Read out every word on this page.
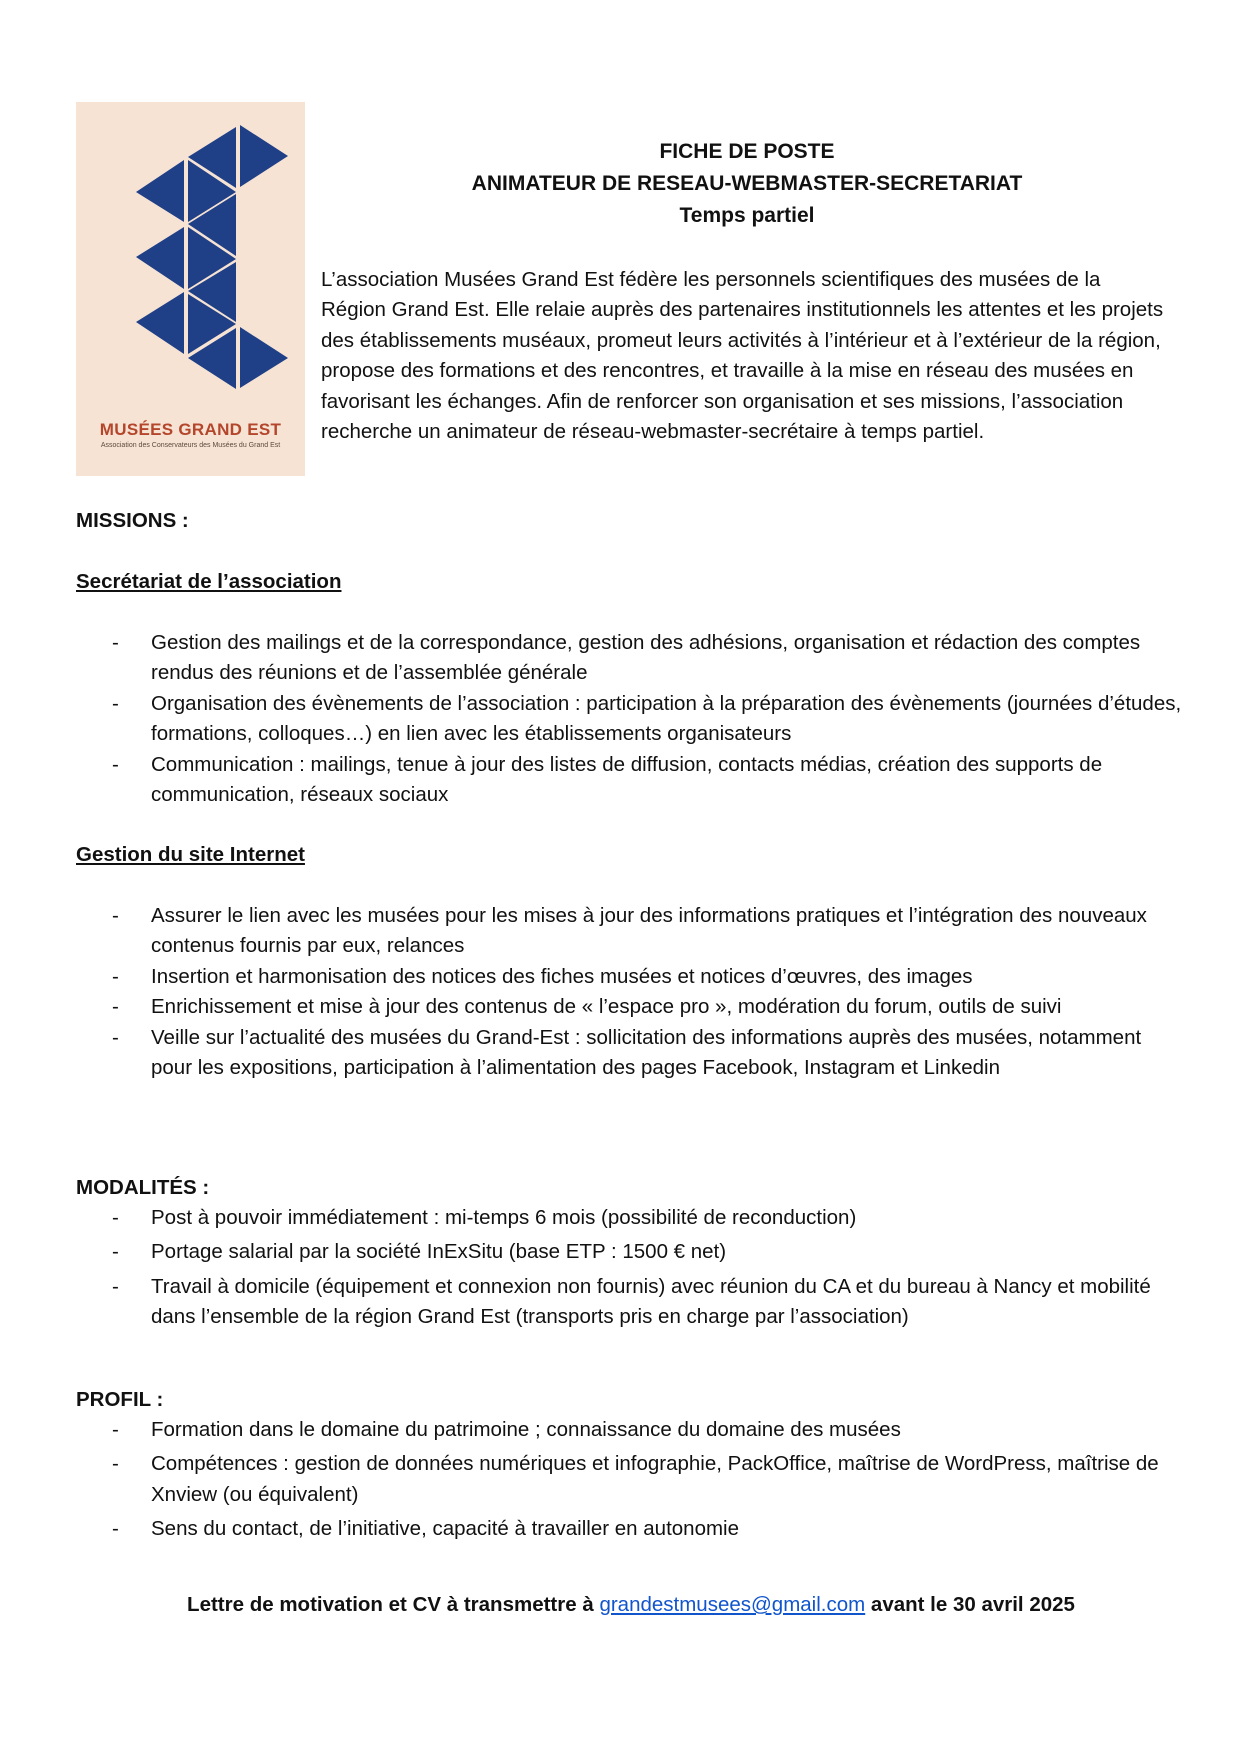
MUSÉES GRAND EST
Association des Conservateurs des Musées du Grand Est
FICHE DE POSTE
ANIMATEUR DE RESEAU-WEBMASTER-SECRETARIAT
Temps partiel
L’association Musées Grand Est fédère les personnels scientifiques des musées de la Région Grand Est. Elle relaie auprès des partenaires institutionnels les attentes et les projets des établissements muséaux, promeut leurs activités à l’intérieur et à l’extérieur de la région, propose des formations et des rencontres, et travaille à la mise en réseau des musées en favorisant les échanges. Afin de renforcer son organisation et ses missions, l’association recherche un animateur de réseau-webmaster-secrétaire à temps partiel.
MISSIONS :
Secrétariat de l’association
- Gestion des mailings et de la correspondance, gestion des adhésions, organisation et rédaction des comptes rendus des réunions et de l’assemblée générale
- Organisation des évènements de l’association : participation à la préparation des évènements (journées d’études, formations, colloques…) en lien avec les établissements organisateurs
- Communication : mailings, tenue à jour des listes de diffusion, contacts médias, création des supports de communication, réseaux sociaux
Gestion du site Internet
- Assurer le lien avec les musées pour les mises à jour des informations pratiques et l’intégration des nouveaux contenus fournis par eux, relances
- Insertion et harmonisation des notices des fiches musées et notices d’œuvres, des images
- Enrichissement et mise à jour des contenus de « l’espace pro », modération du forum, outils de suivi
- Veille sur l’actualité des musées du Grand-Est : sollicitation des informations auprès des musées, notamment pour les expositions, participation à l’alimentation des pages Facebook, Instagram et Linkedin
MODALITÉS :
- Post à pouvoir immédiatement : mi-temps 6 mois (possibilité de reconduction)
- Portage salarial par la société InExSitu (base ETP : 1500 € net)
- Travail à domicile (équipement et connexion non fournis) avec réunion du CA et du bureau à Nancy et mobilité dans l’ensemble de la région Grand Est (transports pris en charge par l’association)
PROFIL :
- Formation dans le domaine du patrimoine ; connaissance du domaine des musées
- Compétences : gestion de données numériques et infographie, PackOffice, maîtrise de WordPress, maîtrise de Xnview (ou équivalent)
- Sens du contact, de l’initiative, capacité à travailler en autonomie
Lettre de motivation et CV à transmettre à grandestmusees@gmail.com avant le 30 avril 2025
